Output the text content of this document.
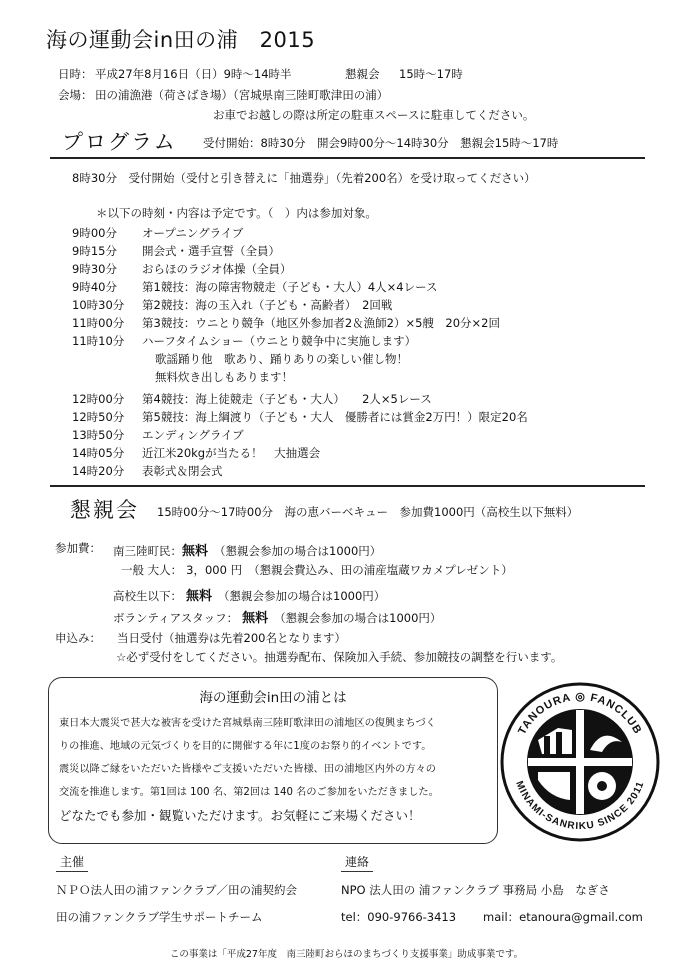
海の運動会in田の浦　2015
日時： 平成27年8月16日（日）9時～14時半	懇親会 15時～17時
会場： 田の浦漁港（荷さばき場）（宮城県南三陸町歌津田の浦）
お車でお越しの際は所定の駐車スペースに駐車してください。
プログラム 受付開始：8時30分　開会9時00分～14時30分　懇親会15時～17時
8時30分　受付開始（受付と引き替えに「抽選券」（先着200名）を受け取ってください）
＊以下の時刻・内容は予定です。（　）内は参加対象。
9時00分 オープニングライブ
9時15分 開会式・選手宣誓（全員）
9時30分 おらほのラジオ体操（全員）
9時40分 第1競技：海の障害物競走（子ども・大人）4人×4レース
10時30分 第2競技：海の玉入れ（子ども・高齢者）　2回戦
11時00分 第3競技：ウニとり競争（地区外参加者2＆漁師2）×5艘　20分×2回
11時10分 ハーフタイムショー（ウニとり競争中に実施します）
歌謡踊り他　歌あり、踊りありの楽しい催し物！
無料炊き出しもあります！
12時00分 第4競技：海上徒競走（子ども・大人）　　2人×5レース
12時50分 第5競技：海上綱渡り（子ども・大人　優勝者には賞金2万円！）限定20名
13時50分 エンディングライブ
14時05分 近江米20kgが当たる！　大抽選会
14時20分 表彰式＆閉会式
懇親会 15時00分～17時00分　海の恵バーベキュー　参加費1000円（高校生以下無料）
参加費： 南三陸町民：無料 （懇親会参加の場合は1000円）
一般 大人： 3，000 円 （懇親会費込み、田の浦産塩蔵ワカメプレゼント）
高校生以下： 無料 （懇親会参加の場合は1000円）
ボランティアスタッフ： 無料 （懇親会参加の場合は1000円）
申込み： 当日受付（抽選券は先着200名となります）
☆必ず受付をしてください。抽選券配布、保険加入手続、参加競技の調整を行います。
海の運動会in田の浦とは

東日本大震災で甚大な被害を受けた宮城県南三陸町歌津田の浦地区の復興まちづく

りの推進、地域の元気づくりを目的に開催する年に1度のお祭り的イベントです。

震災以降ご縁をいただいた皆様やご支援いただいた皆様、田の浦地区内外の方々の

交流を推進します。第1回は 100 名、第2回は 140 名のご参加をいただきました。

どなたでも参加・観覧いただけます。お気軽にご来場ください！

TANOURA ◎ FANCLUB
MINAMI-SANRIKU SINCE 2011
主催
ＮＰＯ法人田の浦ファンクラブ／田の浦契約会
田の浦ファンクラブ学生サポートチーム
連絡
NPO 法人田の 浦ファンクラブ 事務局 小島　なぎさ
tel：090-9766-3413 mail：etanoura@gmail.com
この事業は「平成27年度　南三陸町おらほのまちづくり支援事業」助成事業です。
